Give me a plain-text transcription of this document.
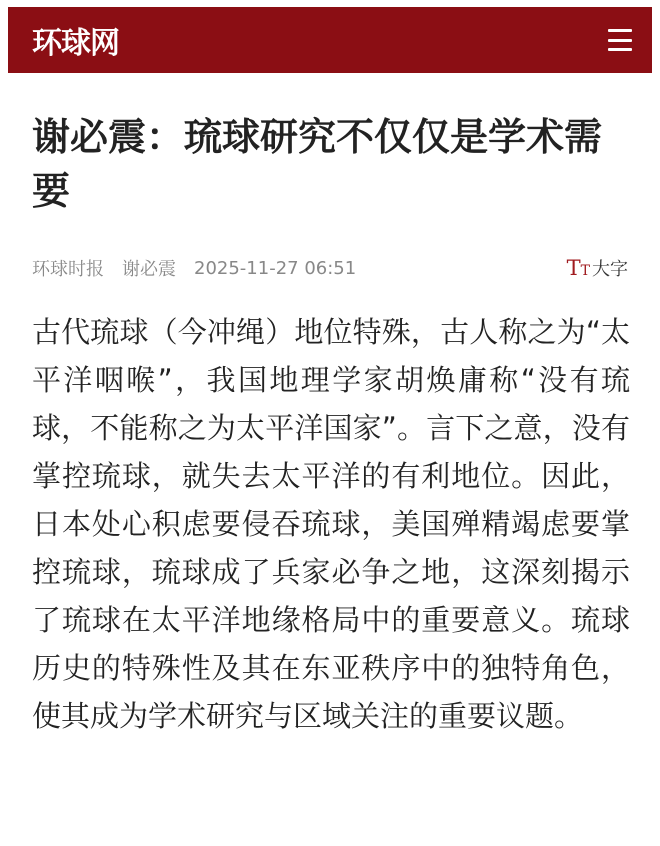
环球网
谢必震：琉球研究不仅仅是学术需要
环球时报 谢必震 2025-11-27 06:51	T T 大字

古代琉球（今冲绳）地位特殊，古人称之为“太平洋咽喉”，我国地理学家胡焕庸称“没有琉球，不能称之为太平洋国家”。言下之意，没有掌控琉球，就失去太平洋的有利地位。因此，日本处心积虑要侵吞琉球，美国殚精竭虑要掌控琉球，琉球成了兵家必争之地，这深刻揭示了琉球在太平洋地缘格局中的重要意义。琉球历史的特殊性及其在东亚秩序中的独特角色，使其成为学术研究与区域关注的重要议题。
